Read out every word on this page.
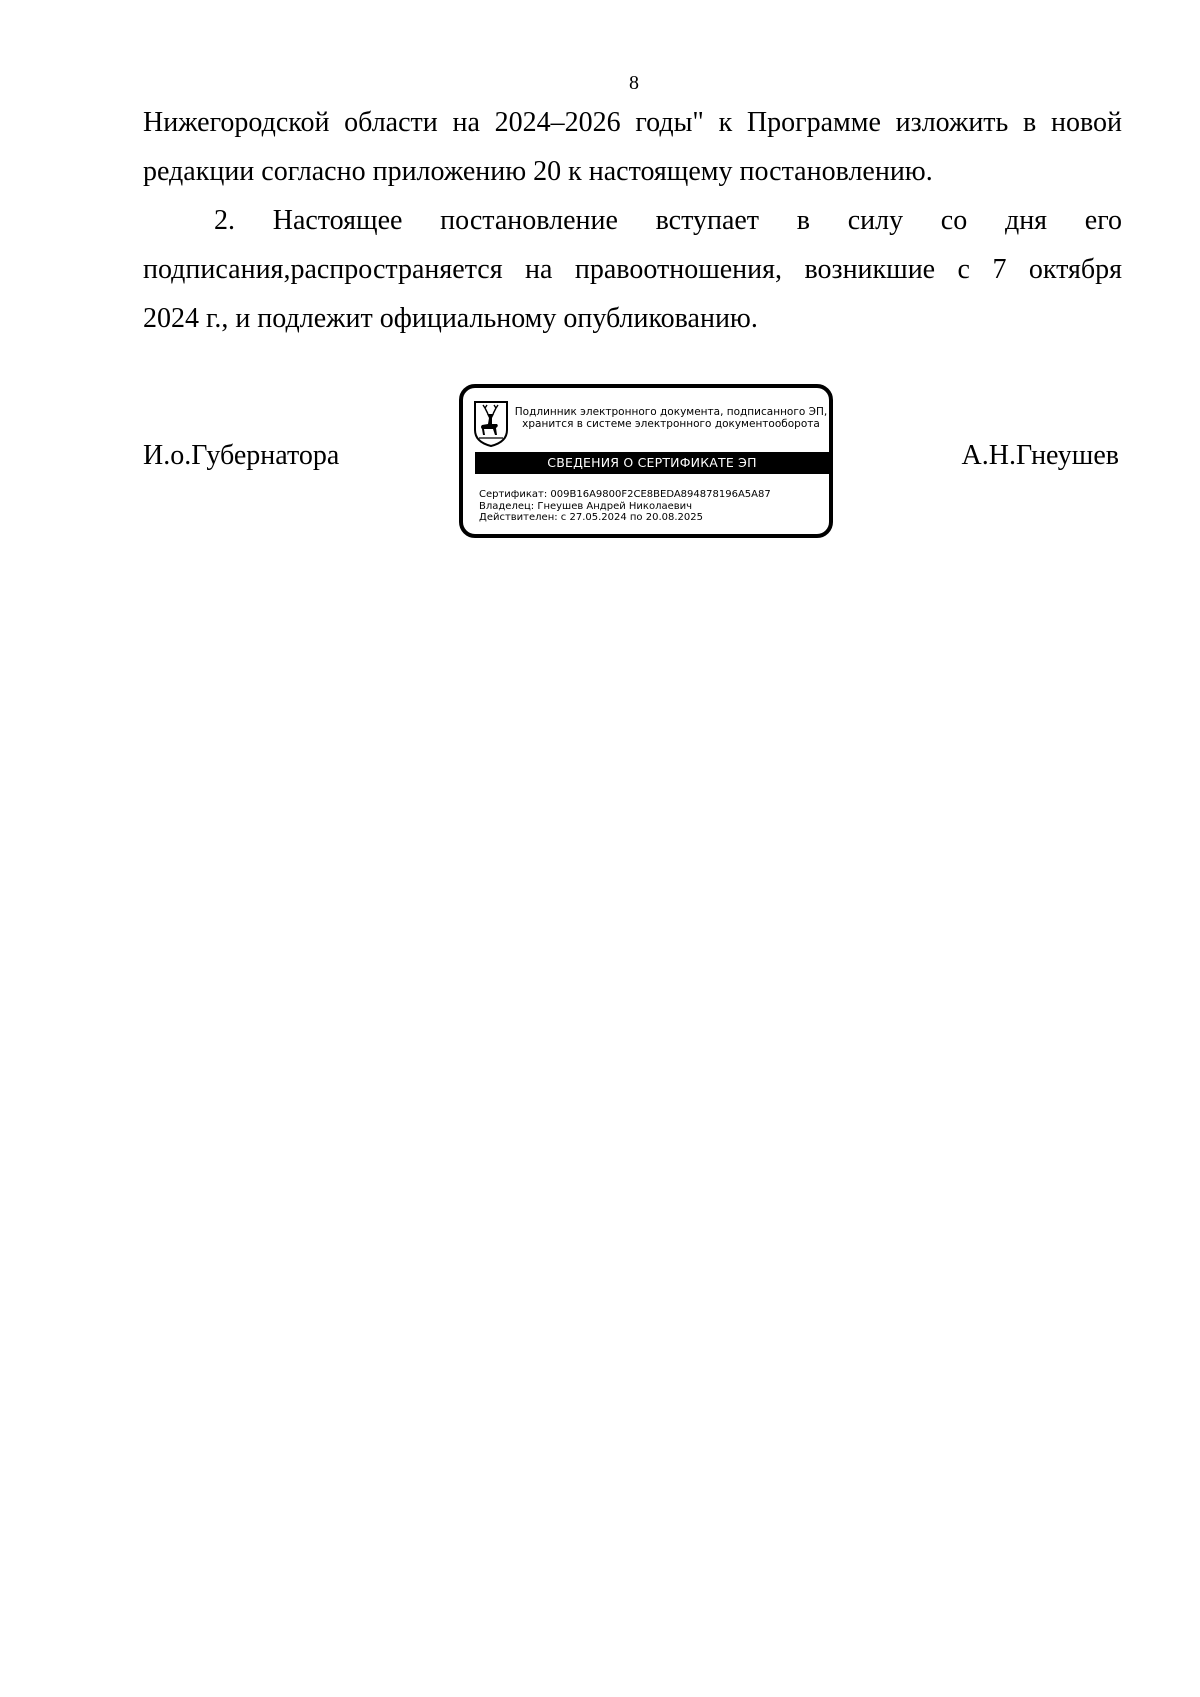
8

Нижегородской области на 2024–2026 годы" к Программе изложить в новой
редакции согласно приложению 20 к настоящему постановлению.

2. Настоящее постановление вступает в силу со дня его
подписания,распространяется на правоотношения, возникшие с 7 октября
2024 г., и подлежит официальному опубликованию.

И.о.Губернатора
Подлинник электронного документа, подписанного ЭП,
хранится в системе электронного документооборота
СВЕДЕНИЯ О СЕРТИФИКАТЕ ЭП
Сертификат: 009B16A9800F2CE8BEDA894878196A5A87
Владелец: Гнеушев Андрей Николаевич
Действителен: с 27.05.2024 по 20.08.2025
А.Н.Гнеушев
